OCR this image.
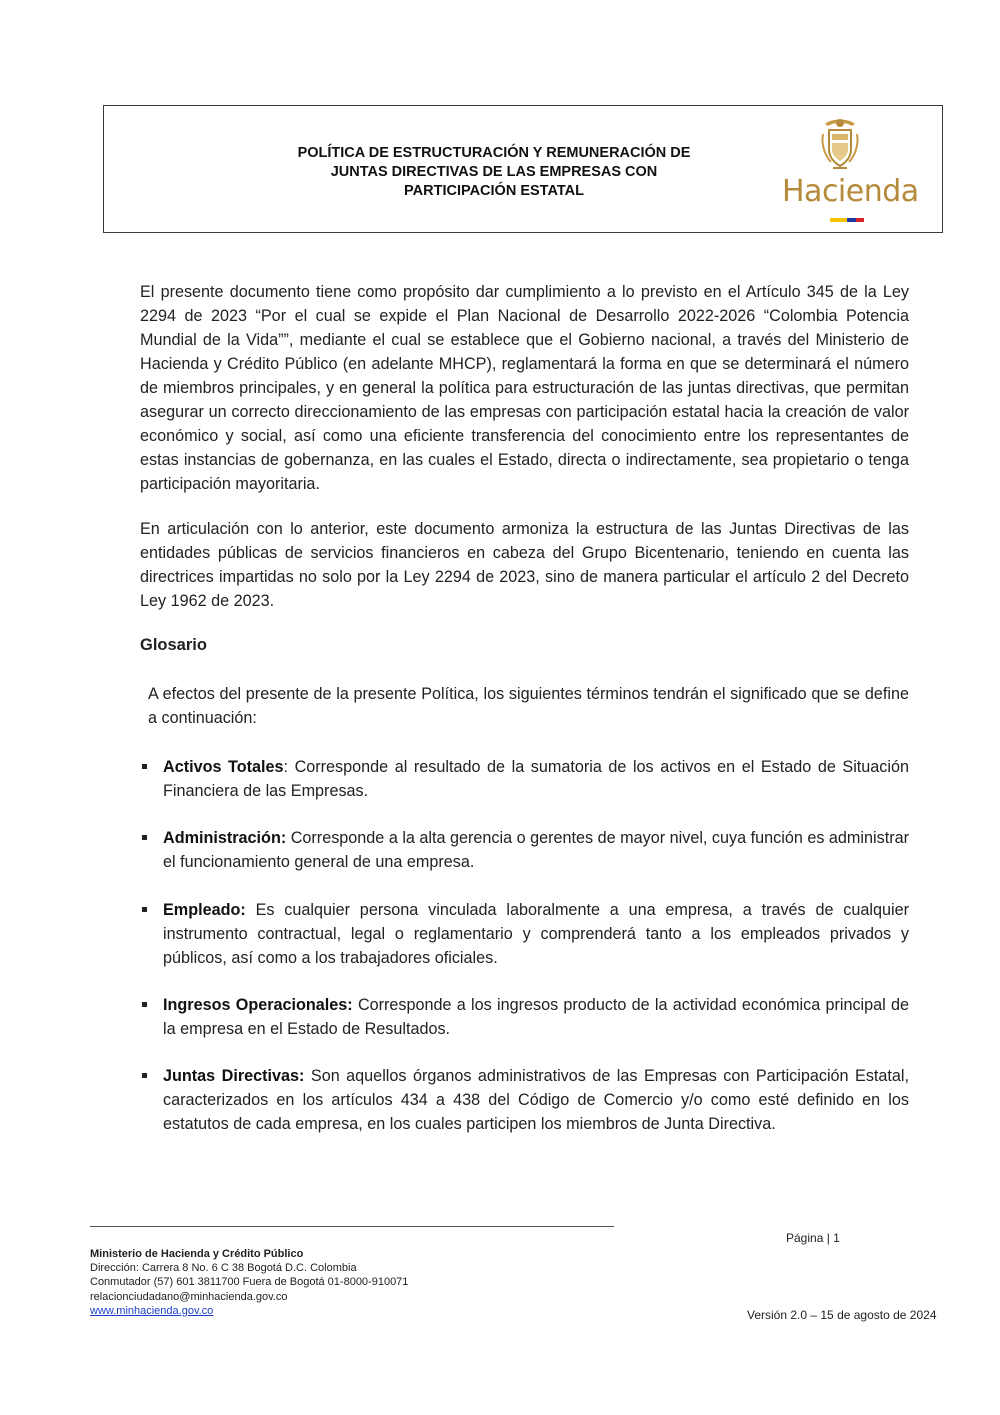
POLÍTICA DE ESTRUCTURACIÓN Y REMUNERACIÓN DE
JUNTAS DIRECTIVAS DE LAS EMPRESAS CON
PARTICIPACIÓN ESTATAL	Hacienda

El presente documento tiene como propósito dar cumplimiento a lo previsto en el Artículo 345 de la Ley 2294 de 2023 “Por el cual se expide el Plan Nacional de Desarrollo 2022-2026 “Colombia Potencia Mundial de la Vida””, mediante el cual se establece que el Gobierno nacional, a través del Ministerio de Hacienda y Crédito Público (en adelante MHCP), reglamentará la forma en que se determinará el número de miembros principales, y en general la política para estructuración de las juntas directivas, que permitan asegurar un correcto direccionamiento de las empresas con participación estatal hacia la creación de valor económico y social, así como una eficiente transferencia del conocimiento entre los representantes de estas instancias de gobernanza, en las cuales el Estado, directa o indirectamente, sea propietario o tenga participación mayoritaria.

En articulación con lo anterior, este documento armoniza la estructura de las Juntas Directivas de las entidades públicas de servicios financieros en cabeza del Grupo Bicentenario, teniendo en cuenta las directrices impartidas no solo por la Ley 2294 de 2023, sino de manera particular el artículo 2 del Decreto Ley 1962 de 2023.

Glosario

A efectos del presente de la presente Política, los siguientes términos tendrán el significado que se define a continuación:

Activos Totales: Corresponde al resultado de la sumatoria de los activos en el Estado de Situación Financiera de las Empresas.

Administración: Corresponde a la alta gerencia o gerentes de mayor nivel, cuya función es administrar el funcionamiento general de una empresa.

Empleado: Es cualquier persona vinculada laboralmente a una empresa, a través de cualquier instrumento contractual, legal o reglamentario y comprenderá tanto a los empleados privados y públicos, así como a los trabajadores oficiales.

Ingresos Operacionales: Corresponde a los ingresos producto de la actividad económica principal de la empresa en el Estado de Resultados.

Juntas Directivas: Son aquellos órganos administrativos de las Empresas con Participación Estatal, caracterizados en los artículos 434 a 438 del Código de Comercio y/o como esté definido en los estatutos de cada empresa, en los cuales participen los miembros de Junta Directiva.

Página | 1
Ministerio de Hacienda y Crédito Público
Dirección: Carrera 8 No. 6 C 38 Bogotá D.C. Colombia
Conmutador (57) 601 3811700 Fuera de Bogotá 01-8000-910071
relacionciudadano@minhacienda.gov.co
www.minhacienda.gov.co	Versión 2.0 – 15 de agosto de 2024
